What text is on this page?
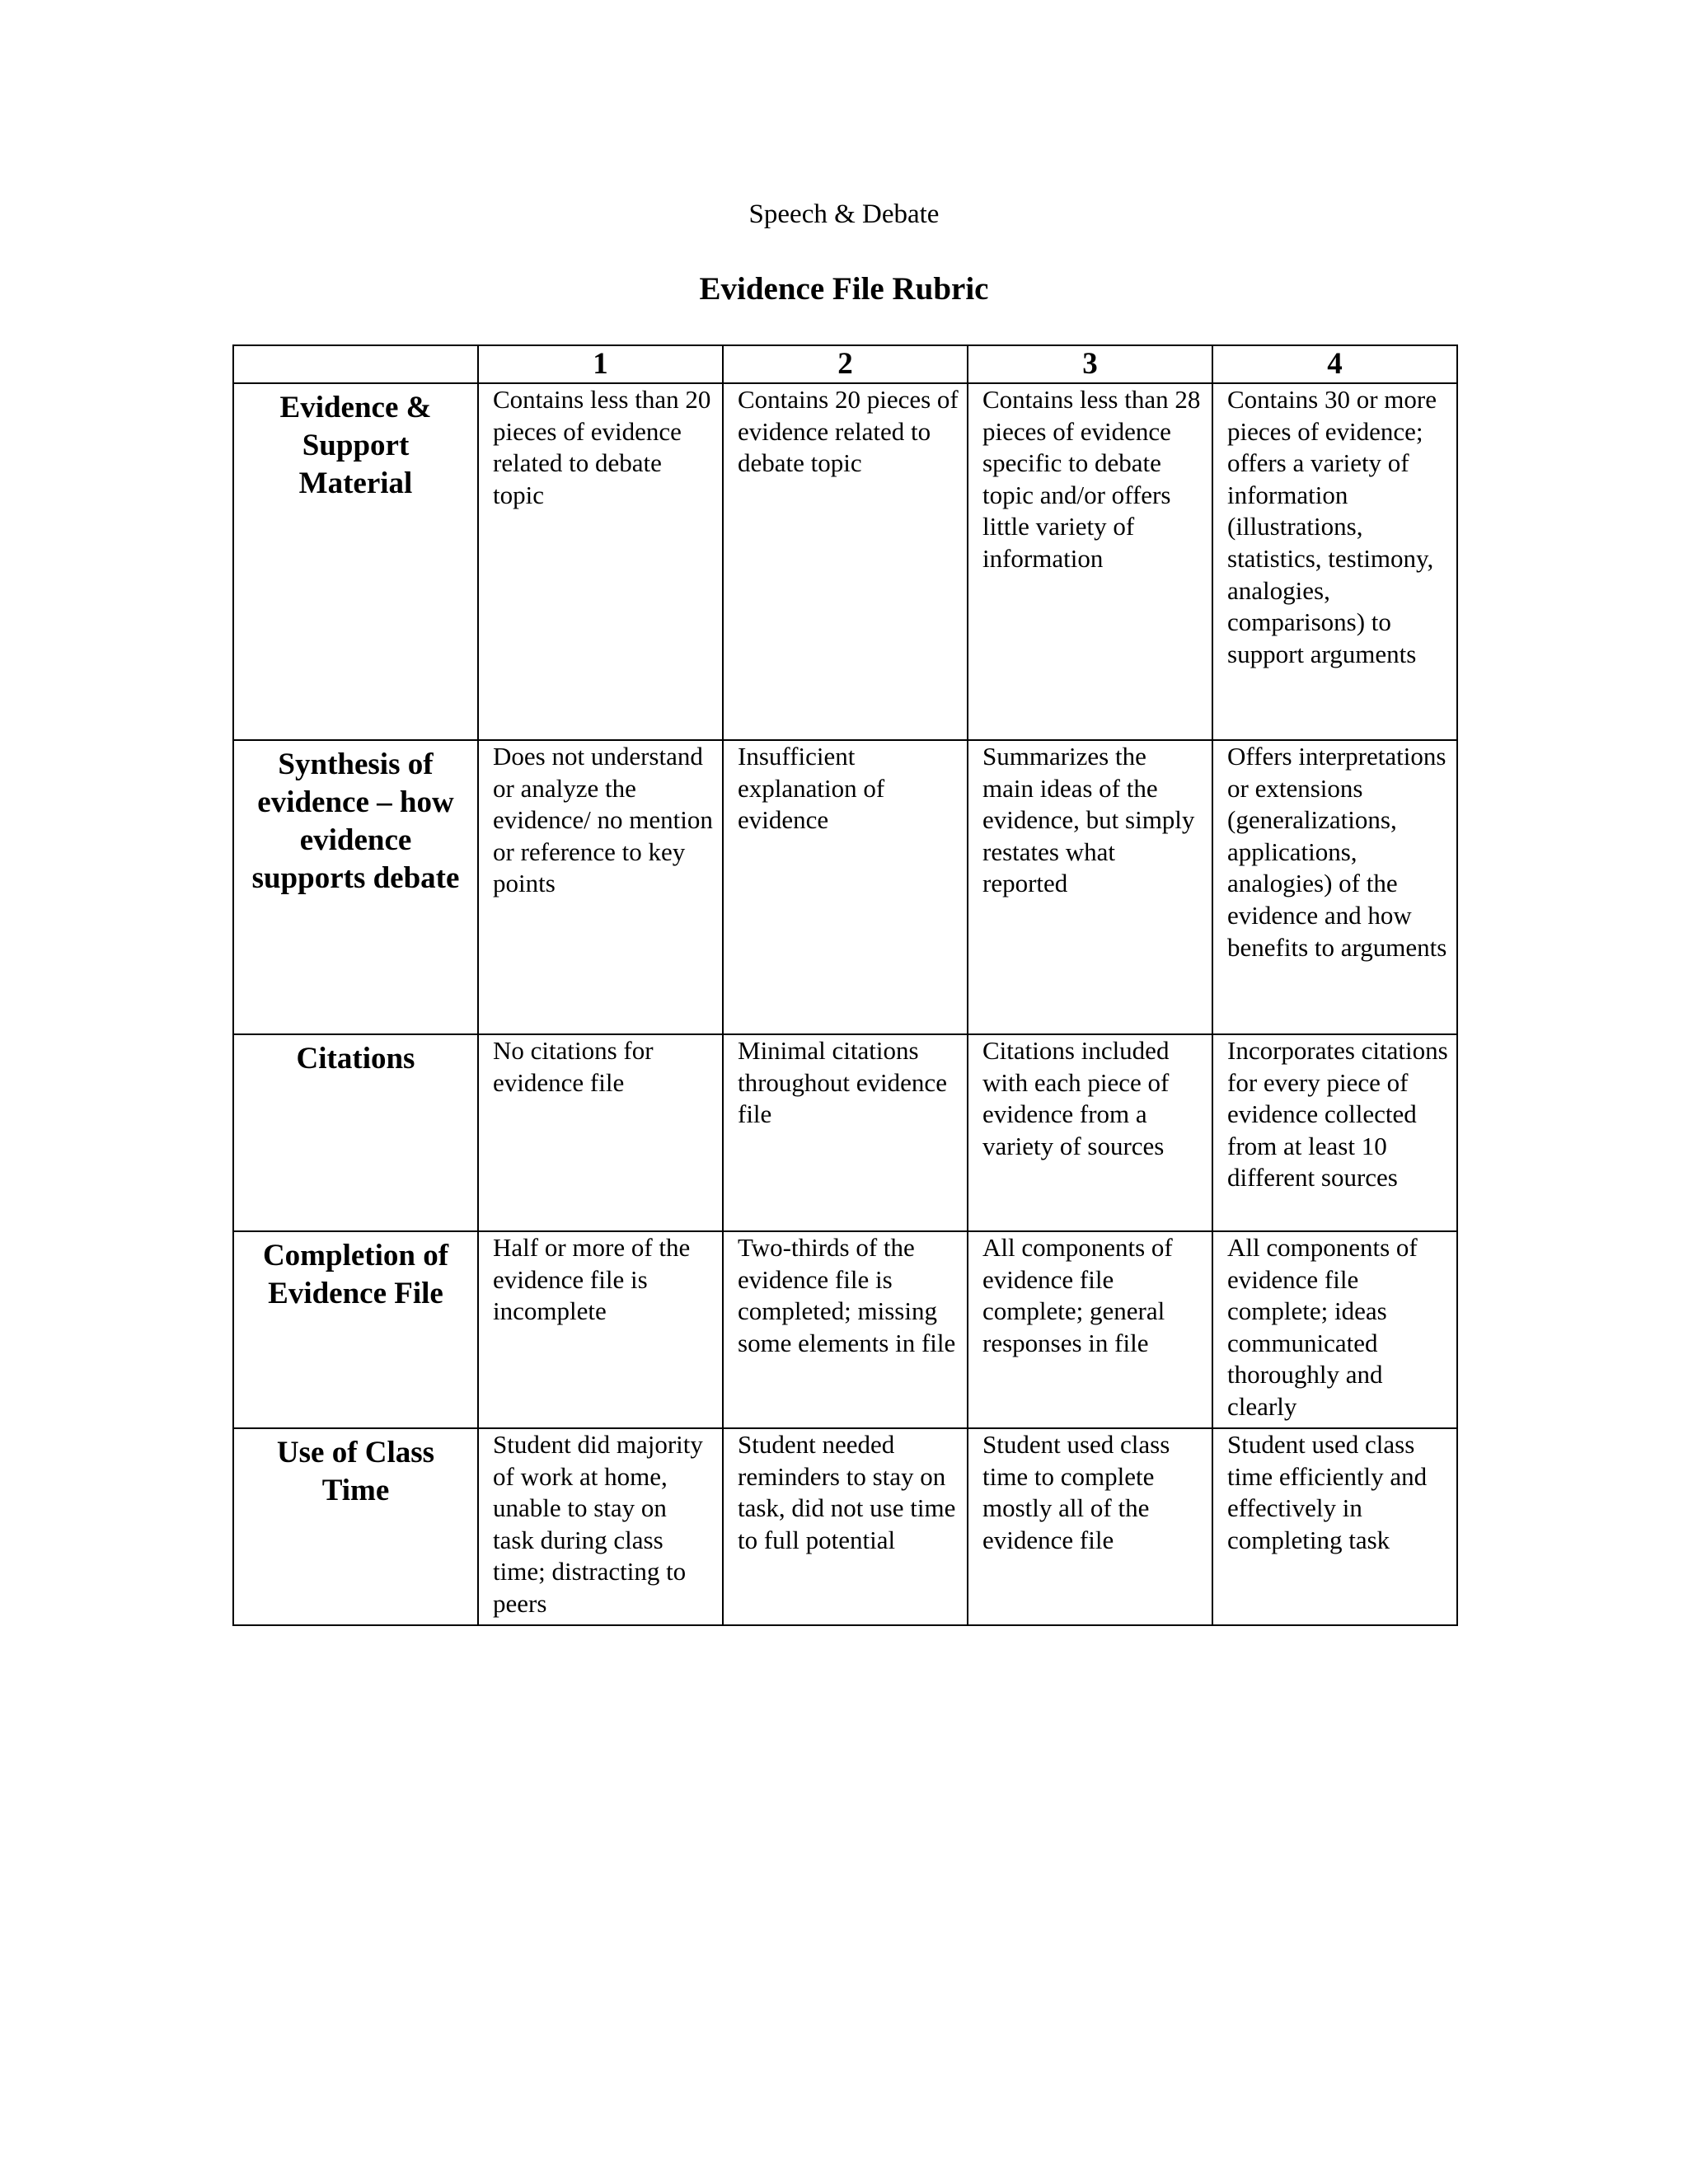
Speech & Debate
Evidence File Rubric
	1	2	3	4
Evidence & Support Material	Contains less than 20 pieces of evidence related to debate topic	Contains 20 pieces of evidence related to debate topic	Contains less than 28 pieces of evidence specific to debate topic and/or offers little variety of information	Contains 30 or more pieces of evidence; offers a variety of information (illustrations, statistics, testimony, analogies, comparisons) to support arguments
Synthesis of evidence – how evidence supports debate	Does not understand or analyze the evidence/ no mention or reference to key points	Insufficient explanation of evidence	Summarizes the main ideas of the evidence, but simply restates what reported	Offers interpretations or extensions (generalizations, applications, analogies) of the evidence and how benefits to arguments
Citations	No citations for evidence file	Minimal citations throughout evidence file	Citations included with each piece of evidence from a variety of sources	Incorporates citations for every piece of evidence collected from at least 10 different sources
Completion of Evidence File	Half or more of the evidence file is incomplete	Two-thirds of the evidence file is completed; missing some elements in file	All components of evidence file complete; general responses in file	All components of evidence file complete; ideas communicated thoroughly and clearly
Use of Class Time	Student did majority of work at home, unable to stay on task during class time; distracting to peers	Student needed reminders to stay on task, did not use time to full potential	Student used class time to complete mostly all of the evidence file	Student used class time efficiently and effectively in completing task
